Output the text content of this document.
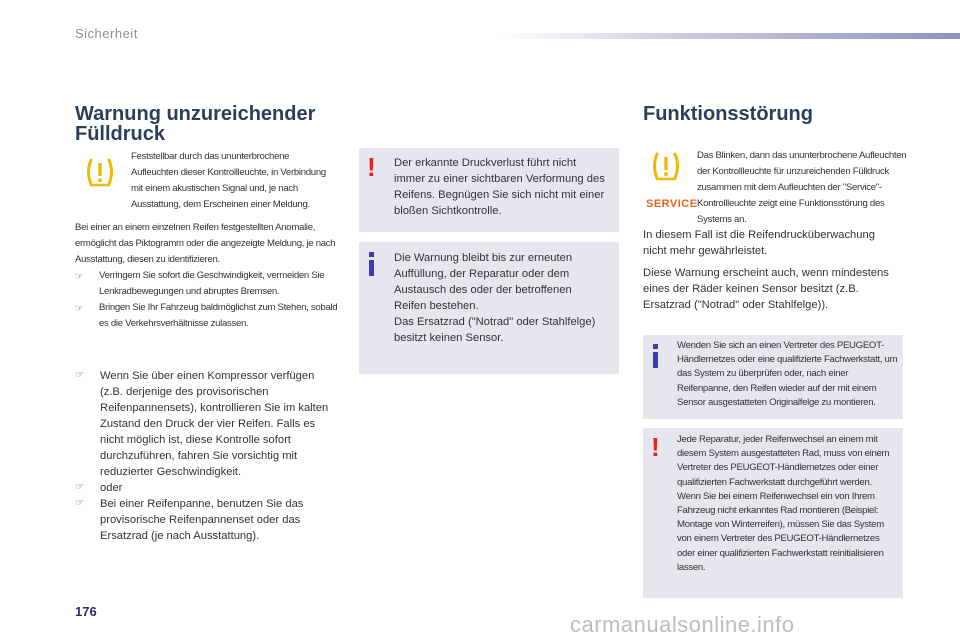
Sicherheit
Warnung unzureichender Fülldruck
Feststellbar durch das ununterbrochene Aufleuchten dieser Kontrollleuchte, in Verbindung mit einem akustischen Signal und, je nach Ausstattung, dem Erscheinen einer Meldung.

Bei einer an einem einzelnen Reifen festgestellten Anomalie, ermöglicht das Piktogramm oder die angezeigte Meldung, je nach Ausstattung, diesen zu identifizieren.

☞ Verringern Sie sofort die Geschwindigkeit, vermeiden Sie Lenkradbewegungen und abruptes Bremsen.
☞ Bringen Sie Ihr Fahrzeug baldmöglichst zum Stehen, sobald es die Verkehrsverhältnisse zulassen.
☞ Wenn Sie über einen Kompressor verfügen (z.B. derjenige des provisorischen Reifenpannensets), kontrollieren Sie im kalten Zustand den Druck der vier Reifen. Falls es nicht möglich ist, diese Kontrolle sofort durchzuführen, fahren Sie vorsichtig mit reduzierter Geschwindigkeit.
☞ oder
☞ Bei einer Reifenpanne, benutzen Sie das provisorische Reifenpannenset oder das Ersatzrad (je nach Ausstattung).
! Der erkannte Druckverlust führt nicht immer zu einer sichtbaren Verformung des Reifens. Begnügen Sie sich nicht mit einer bloßen Sichtkontrolle.

Die Warnung bleibt bis zur erneuten Auffüllung, der Reparatur oder dem Austausch des oder der betroffenen Reifen bestehen.

Das Ersatzrad ("Notrad" oder Stahlfelge) besitzt keinen Sensor.

Funktionsstörung
SERVICE
Das Blinken, dann das ununterbrochene Aufleuchten der Kontrollleuchte für unzureichenden Fülldruck zusammen mit dem Aufleuchten der "Service"-Kontrollleuchte zeigt eine Funktionsstörung des Systems an.

In diesem Fall ist die Reifendrucküberwachung nicht mehr gewährleistet.

Diese Warnung erscheint auch, wenn mindestens eines der Räder keinen Sensor besitzt (z.B. Ersatzrad ("Notrad" oder Stahlfelge)).

Wenden Sie sich an einen Vertreter des PEUGEOT-Händlernetzes oder eine qualifizierte Fachwerkstatt, um das System zu überprüfen oder, nach einer Reifenpanne, den Reifen wieder auf der mit einem Sensor ausgestatteten Originalfelge zu montieren.
! Jede Reparatur, jeder Reifenwechsel an einem mit diesem System ausgestatteten Rad, muss von einem Vertreter des PEUGEOT-Händlernetzes oder einer qualifizierten Fachwerkstatt durchgeführt werden.

Wenn Sie bei einem Reifenwechsel ein von Ihrem Fahrzeug nicht erkanntes Rad montieren (Beispiel: Montage von Winterreifen), müssen Sie das System von einem Vertreter des PEUGEOT-Händlernetzes oder einer qualifizierten Fachwerkstatt reinitialisieren lassen.

176
carmanualsonline.info
